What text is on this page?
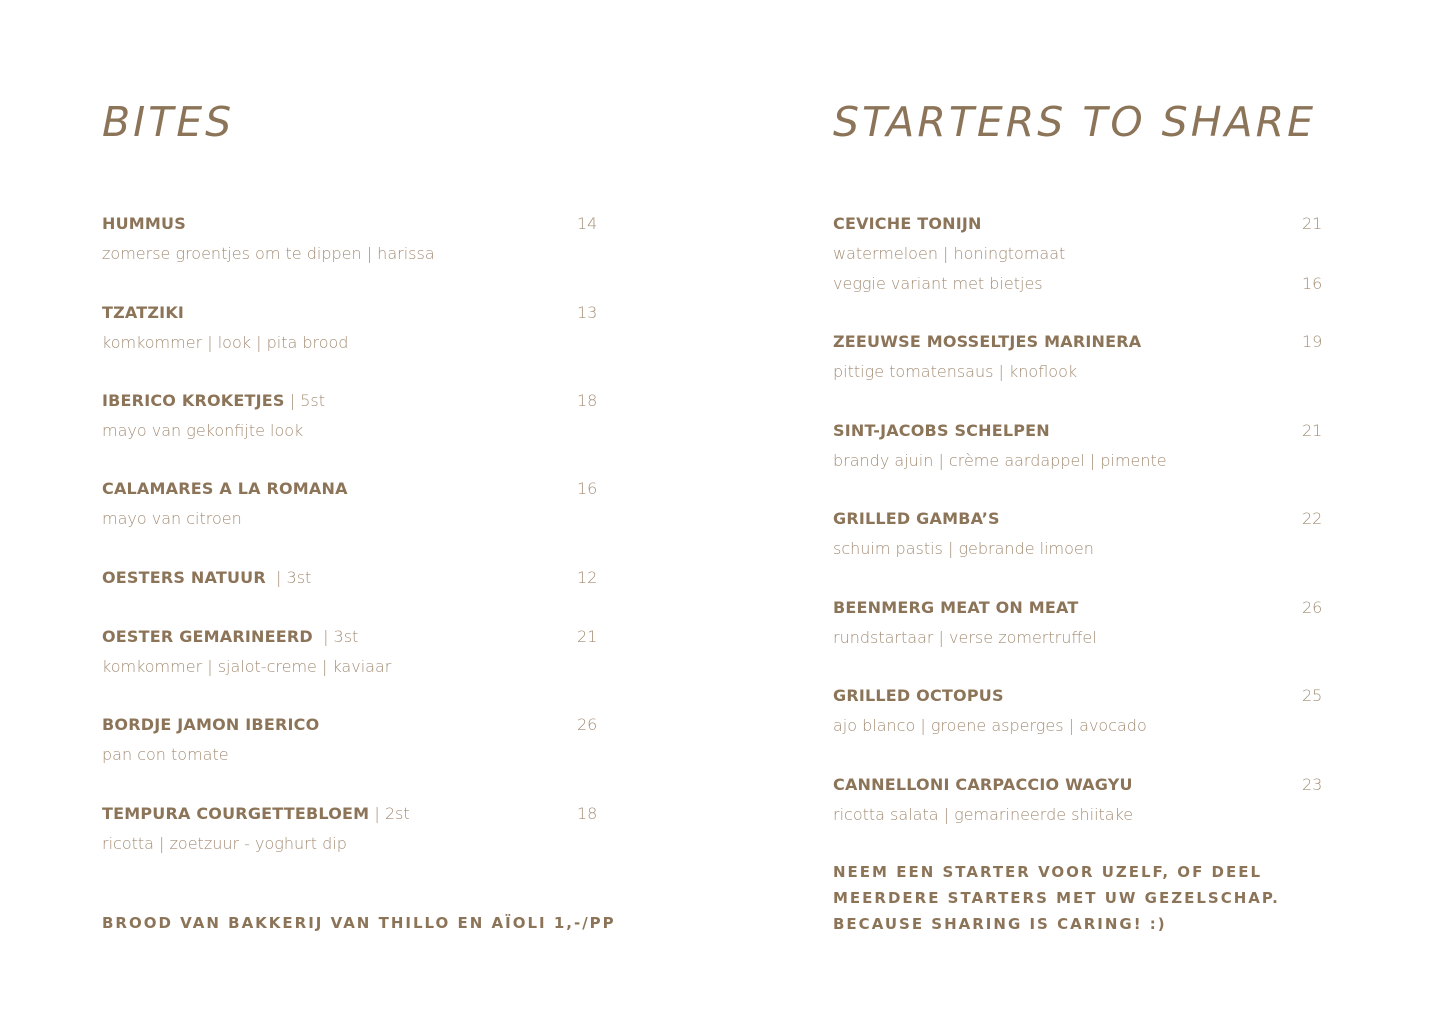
BITES
HUMMUS	14
zomerse groentjes om te dippen | harissa
TZATZIKI	13
komkommer | look | pita brood
IBERICO KROKETJES | 5st	18
mayo van gekonfijte look
CALAMARES A LA ROMANA	16
mayo van citroen
OESTERS NATUUR  | 3st	12
OESTER GEMARINEERD  | 3st	21
komkommer | sjalot-creme | kaviaar
BORDJE JAMON IBERICO	26
pan con tomate
TEMPURA COURGETTEBLOEM | 2st	18
ricotta | zoetzuur - yoghurt dip
BROOD VAN BAKKERIJ VAN THILLO EN AÏOLI 1,-/PP
STARTERS TO SHARE
CEVICHE TONIJN	21
watermeloen | honingtomaat
veggie variant met bietjes	16
ZEEUWSE MOSSELTJES MARINERA	19
pittige tomatensaus | knoflook
SINT-JACOBS SCHELPEN	21
brandy ajuin | crème aardappel | pimente
GRILLED GAMBA’S	22
schuim pastis | gebrande limoen
BEENMERG MEAT ON MEAT	26
rundstartaar | verse zomertruffel
GRILLED OCTOPUS	25
ajo blanco | groene asperges | avocado
CANNELLONI CARPACCIO WAGYU	23
ricotta salata | gemarineerde shiitake
NEEM EEN STARTER VOOR UZELF, OF DEEL
MEERDERE STARTERS MET UW GEZELSCHAP.
BECAUSE SHARING IS CARING! :)
